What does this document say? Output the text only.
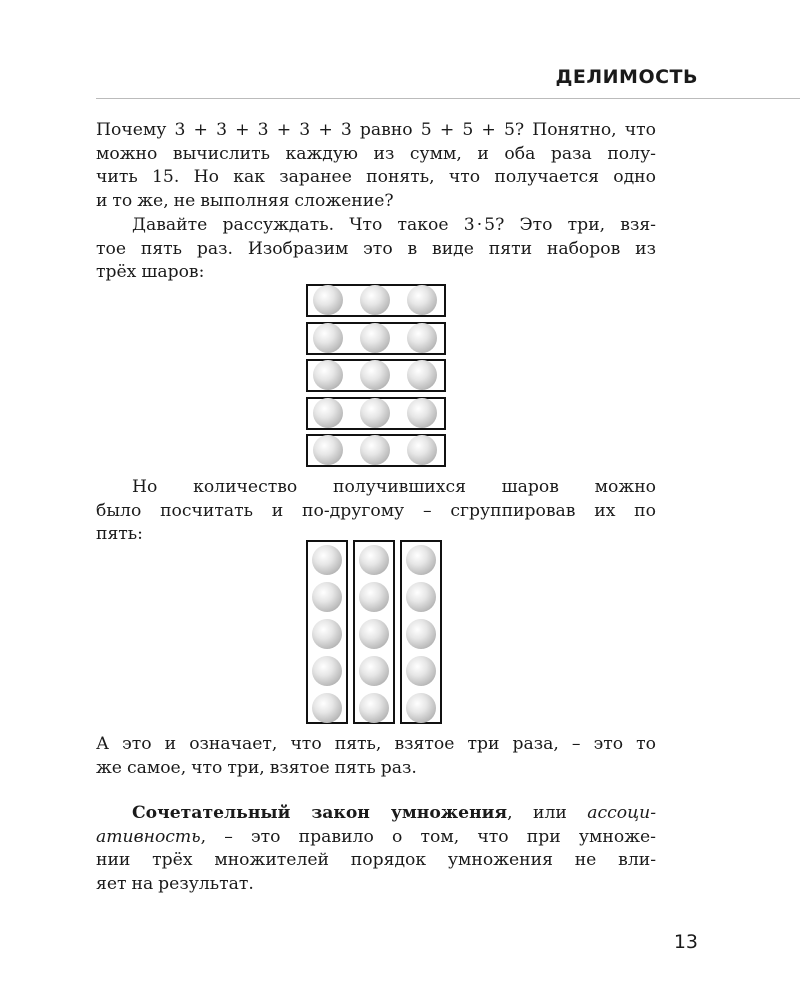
ДЕЛИМОСТЬ

Почему 3 + 3 + 3 + 3 + 3 равно 5 + 5 + 5? Понятно, что
можно вычислить каждую из сумм, и оба раза полу-
чить 15. Но как заранее понять, что получается одно
и то же, не выполняя сложение?

Давайте рассуждать. Что такое 3 · 5? Это три, взя-
тое пять раз. Изобразим это в виде пяти наборов из
трёх шаров:

Но количество получившихся шаров можно
было посчитать и по-другому – сгруппировав их по
пять:

А это и означает, что пять, взятое три раза, – это то
же самое, что три, взятое пять раз.

Сочетательный закон умножения, или ассоци-
ативность, – это правило о том, что при умноже-
нии трёх множителей порядок умножения не вли-
яет на результат.

13
